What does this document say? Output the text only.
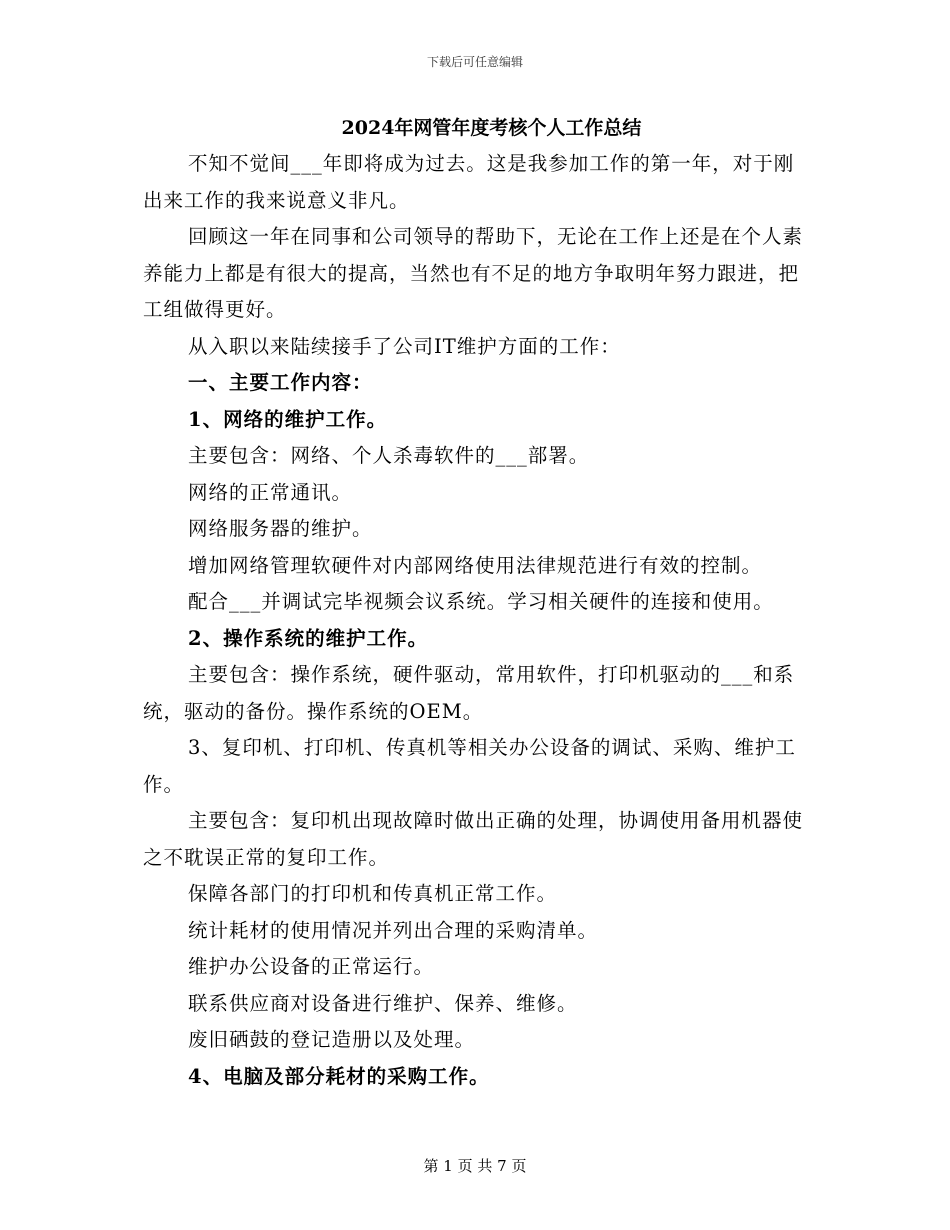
下载后可任意编辑
2024年网管年度考核个人工作总结

不知不觉间___年即将成为过去。这是我参加工作的第一年，对于刚出来工作的我来说意义非凡。

回顾这一年在同事和公司领导的帮助下，无论在工作上还是在个人素养能力上都是有很大的提高，当然也有不足的地方争取明年努力跟进，把工组做得更好。

从入职以来陆续接手了公司IT维护方面的工作：

一、主要工作内容：

1、网络的维护工作。

主要包含：网络、个人杀毒软件的___部署。

网络的正常通讯。

网络服务器的维护。

增加网络管理软硬件对内部网络使用法律规范进行有效的控制。

配合___并调试完毕视频会议系统。学习相关硬件的连接和使用。

2、操作系统的维护工作。

主要包含：操作系统，硬件驱动，常用软件，打印机驱动的___和系统，驱动的备份。操作系统的OEM。

3、复印机、打印机、传真机等相关办公设备的调试、采购、维护工作。

主要包含：复印机出现故障时做出正确的处理，协调使用备用机器使之不耽误正常的复印工作。

保障各部门的打印机和传真机正常工作。

统计耗材的使用情况并列出合理的采购清单。

维护办公设备的正常运行。

联系供应商对设备进行维护、保养、维修。

废旧硒鼓的登记造册以及处理。

4、电脑及部分耗材的采购工作。

第 1 页 共 7 页
